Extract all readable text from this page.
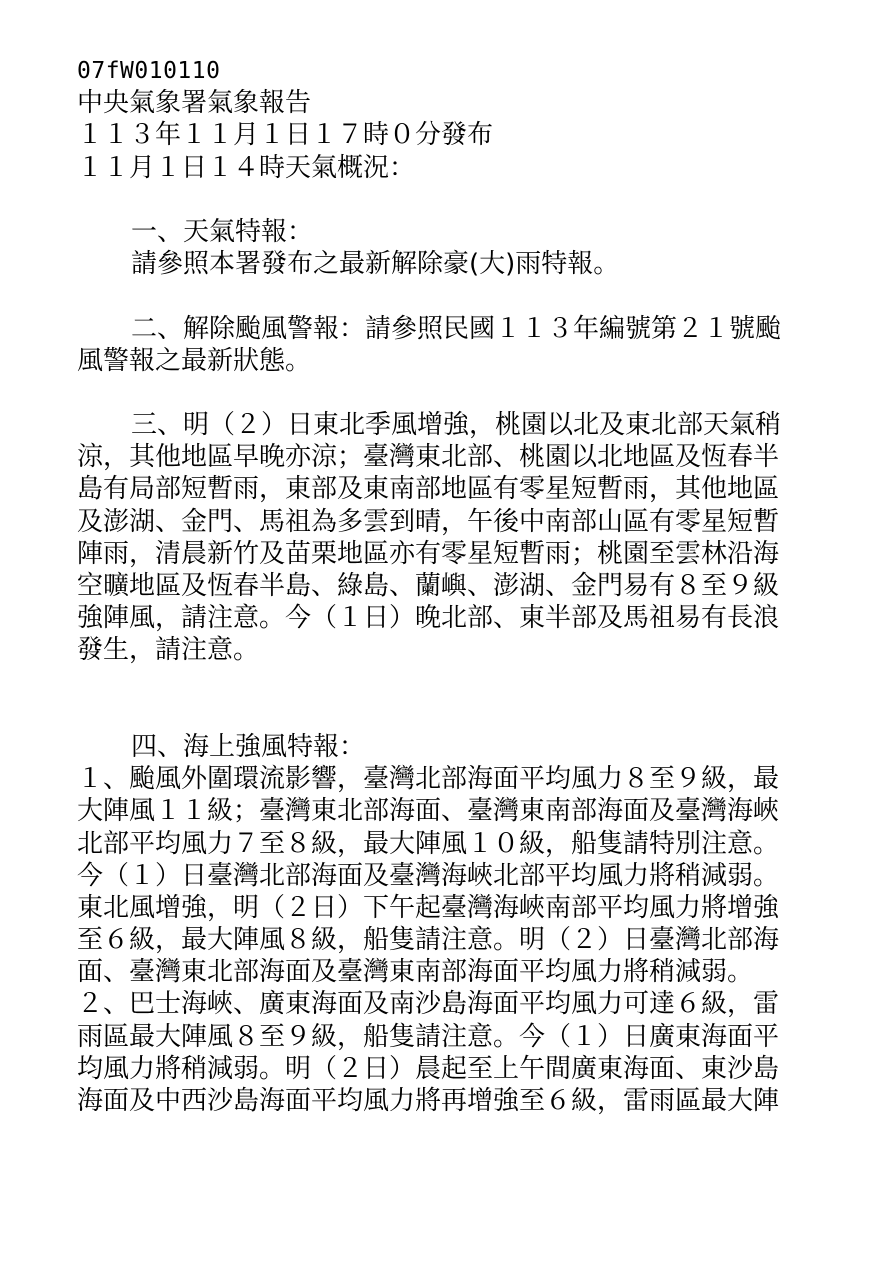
07fW010110
中央氣象署氣象報告
１１３年１１月１日１７時０分發布
１１月１日１４時天氣概況：
一、天氣特報：
請參照本署發布之最新解除豪(大)雨特報。
二、解除颱風警報：請參照民國１１３年編號第２１號颱
風警報之最新狀態。
三、明（２）日東北季風增強，桃園以北及東北部天氣稍
涼，其他地區早晚亦涼；臺灣東北部、桃園以北地區及恆春半
島有局部短暫雨，東部及東南部地區有零星短暫雨，其他地區
及澎湖、金門、馬祖為多雲到晴，午後中南部山區有零星短暫
陣雨，清晨新竹及苗栗地區亦有零星短暫雨；桃園至雲林沿海
空曠地區及恆春半島、綠島、蘭嶼、澎湖、金門易有８至９級
強陣風，請注意。今（１日）晚北部、東半部及馬祖易有長浪
發生，請注意。
四、海上強風特報：
１、颱風外圍環流影響，臺灣北部海面平均風力８至９級，最
大陣風１１級；臺灣東北部海面、臺灣東南部海面及臺灣海峽
北部平均風力７至８級，最大陣風１０級，船隻請特別注意。
今（１）日臺灣北部海面及臺灣海峽北部平均風力將稍減弱。
東北風增強，明（２日）下午起臺灣海峽南部平均風力將增強
至６級，最大陣風８級，船隻請注意。明（２）日臺灣北部海
面、臺灣東北部海面及臺灣東南部海面平均風力將稍減弱。
２、巴士海峽、廣東海面及南沙島海面平均風力可達６級，雷
雨區最大陣風８至９級，船隻請注意。今（１）日廣東海面平
均風力將稍減弱。明（２日）晨起至上午間廣東海面、東沙島
海面及中西沙島海面平均風力將再增強至６級，雷雨區最大陣
